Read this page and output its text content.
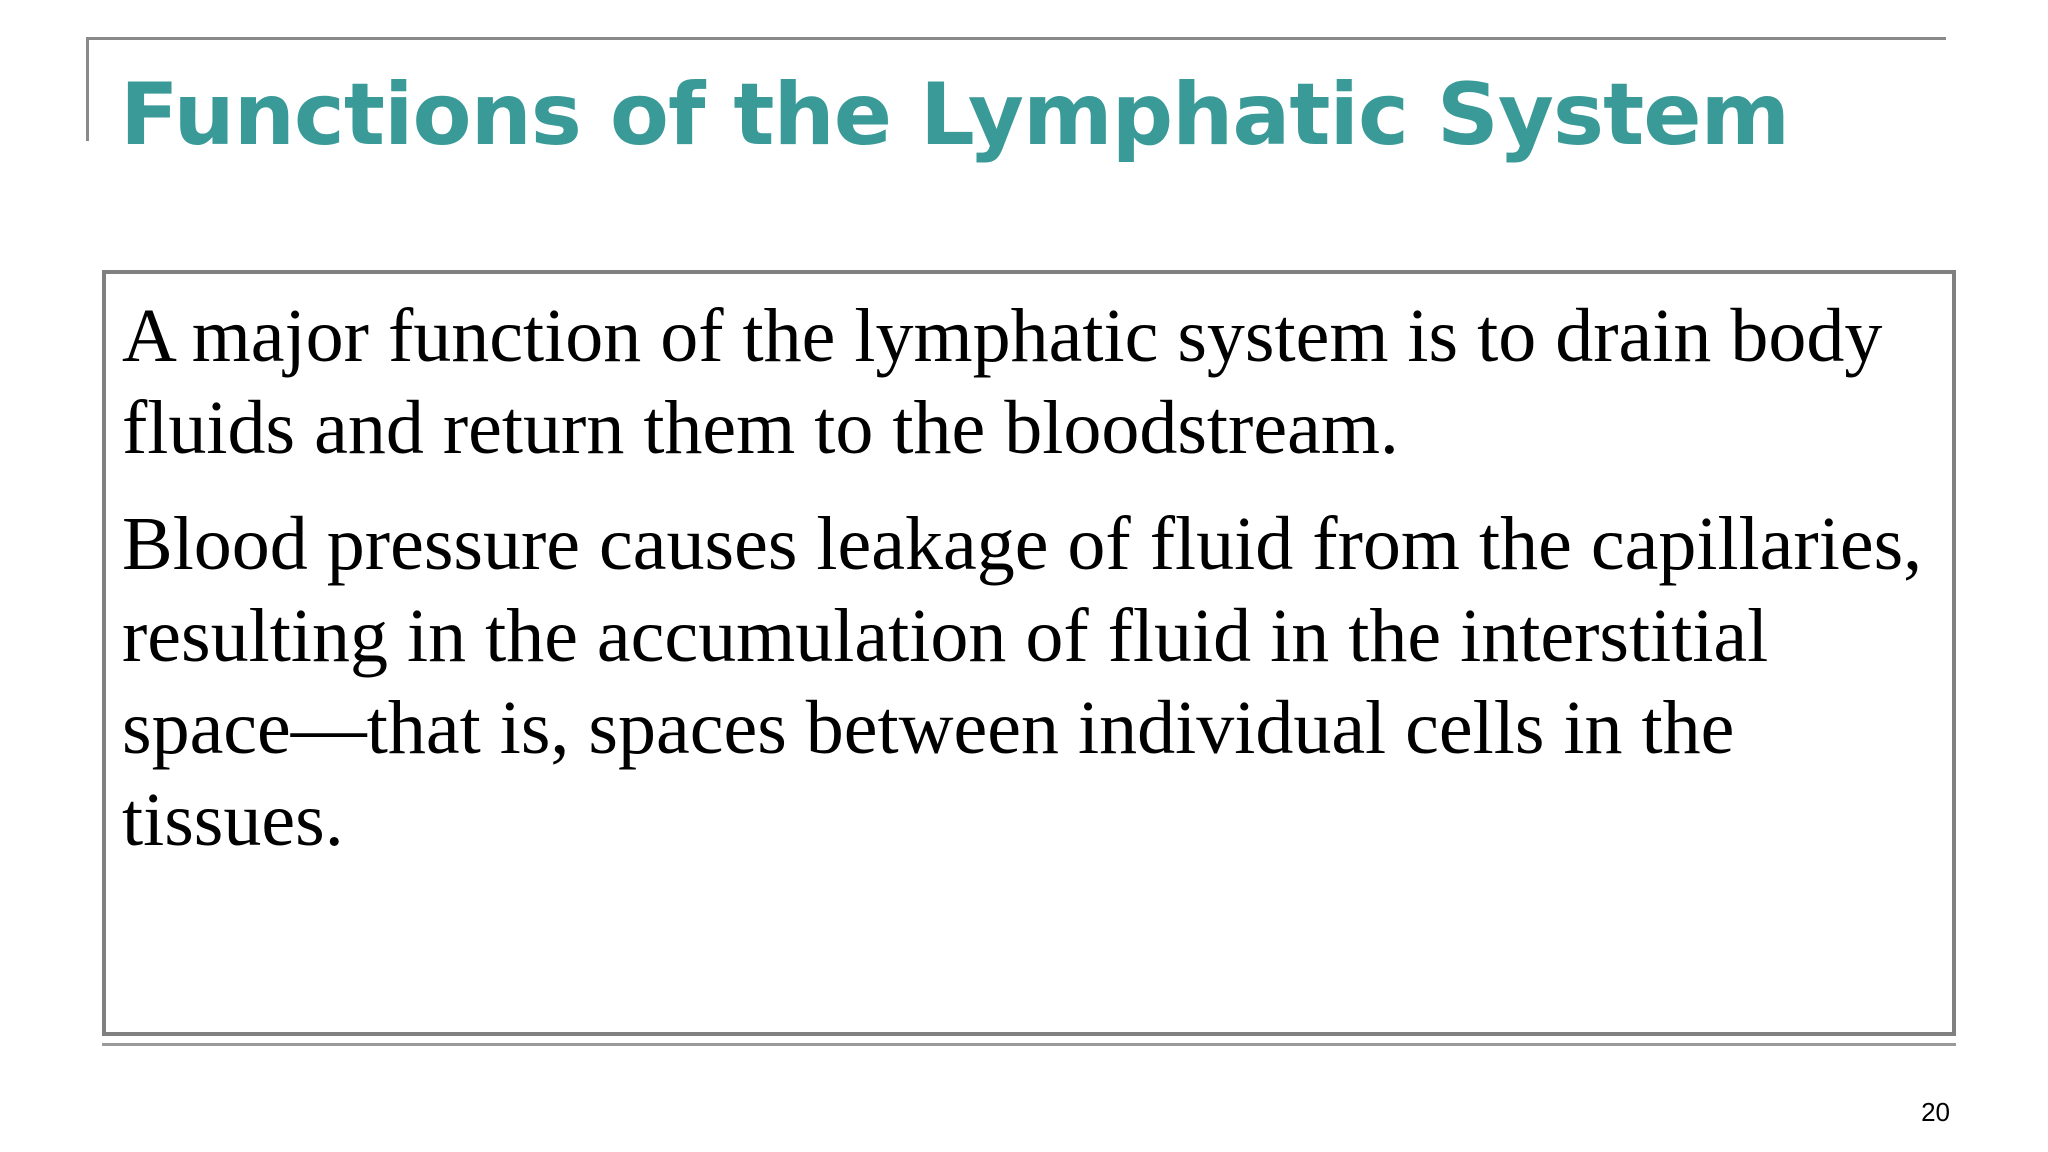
Functions of the Lymphatic System

A major function of the lymphatic system is to drain body fluids and return them to the bloodstream.

Blood pressure causes leakage of fluid from the capillaries, resulting in the accumulation of fluid in the interstitial space—that is, spaces between individual cells in the tissues.

20
